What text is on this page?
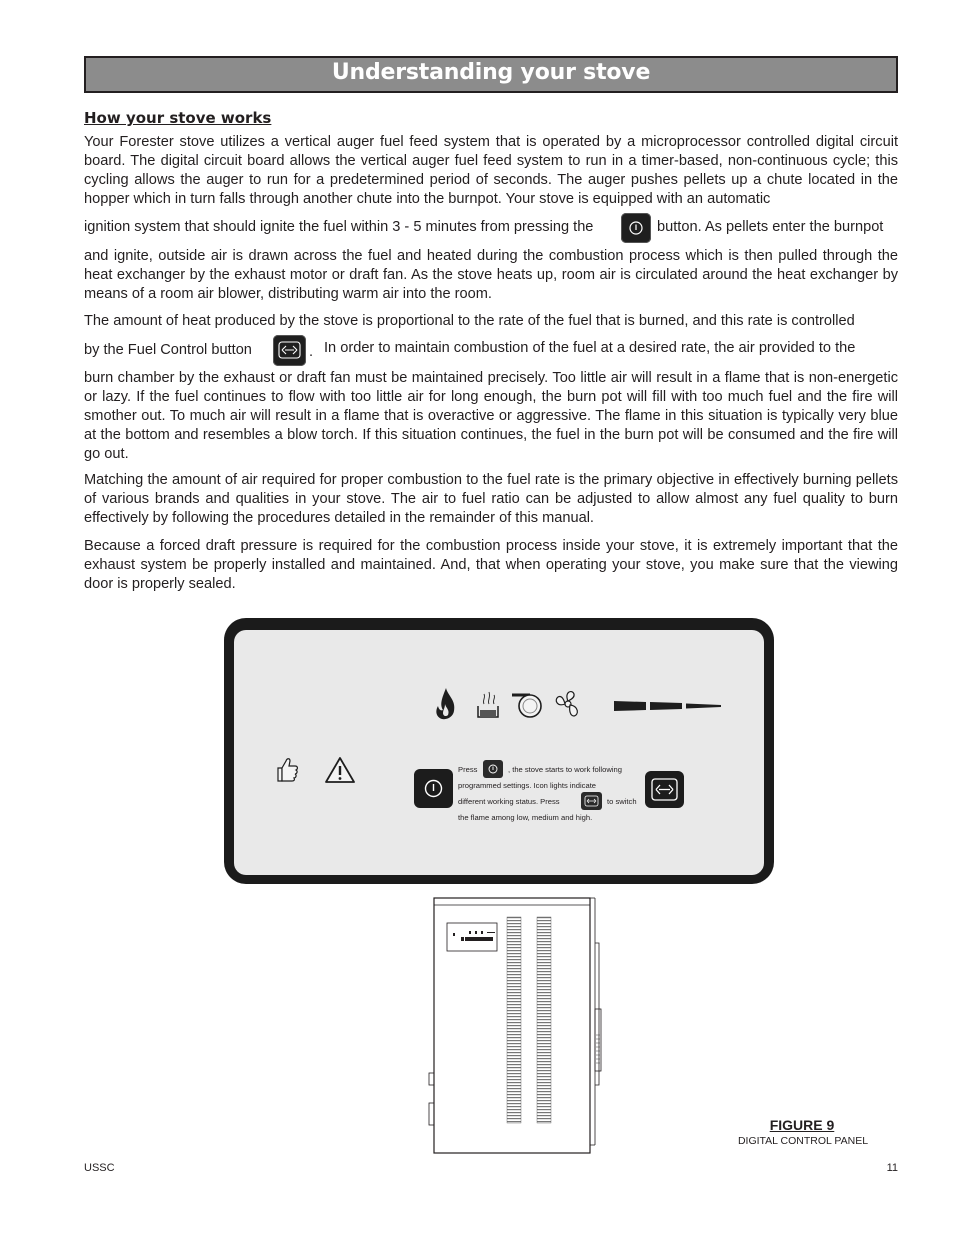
Understanding your stove
How your stove works

Your Forester stove utilizes a vertical auger fuel feed system that is operated by a microprocessor controlled digital circuit board. The digital circuit board allows the vertical auger fuel feed system to run in a timer-based, non-continuous cycle; this cycling allows the auger to run for a predetermined period of seconds. The auger pushes pellets up a chute located in the hopper which in turn falls through another chute into the burnpot. Your stove is equipped with an automatic

ignition system that should ignite the fuel within 3 - 5 minutes from pressing the	button. As pellets enter the burnpot

and ignite, outside air is drawn across the fuel and heated during the combustion process which is then pulled through the heat exchanger by the exhaust motor or draft fan. As the stove heats up, room air is circulated around the heat exchanger by means of a room air blower, distributing warm air into the room.

The amount of heat produced by the stove is proportional to the rate of the fuel that is burned, and this rate is controlled

by the Fuel Control button	. In order to maintain combustion of the fuel at a desired rate, the air provided to the

burn chamber by the exhaust or draft fan must be maintained precisely. Too little air will result in a flame that is non-energetic or lazy. If the fuel continues to flow with too little air for long enough, the burn pot will fill with too much fuel and the fire will smother out. To much air will result in a flame that is overactive or aggressive. The flame in this situation is typically very blue at the bottom and resembles a blow torch. If this situation continues, the fuel in the burn pot will be consumed and the fire will go out.

Matching the amount of air required for proper combustion to the fuel rate is the primary objective in effectively burning pellets of various brands and qualities in your stove. The air to fuel ratio can be adjusted to allow almost any fuel quality to burn effectively by following the procedures detailed in the remainder of this manual.

Because a forced draft pressure is required for the combustion process inside your stove, it is extremely important that the exhaust system be properly installed and maintained. And, that when operating your stove, you make sure that the viewing door is properly sealed.

Press	, the stove starts to work following
programmed settings. Icon lights indicate
different working status. Press	to switch
the flame among low, medium and high.
FIGURE 9
DIGITAL CONTROL PANEL
USSC	11
